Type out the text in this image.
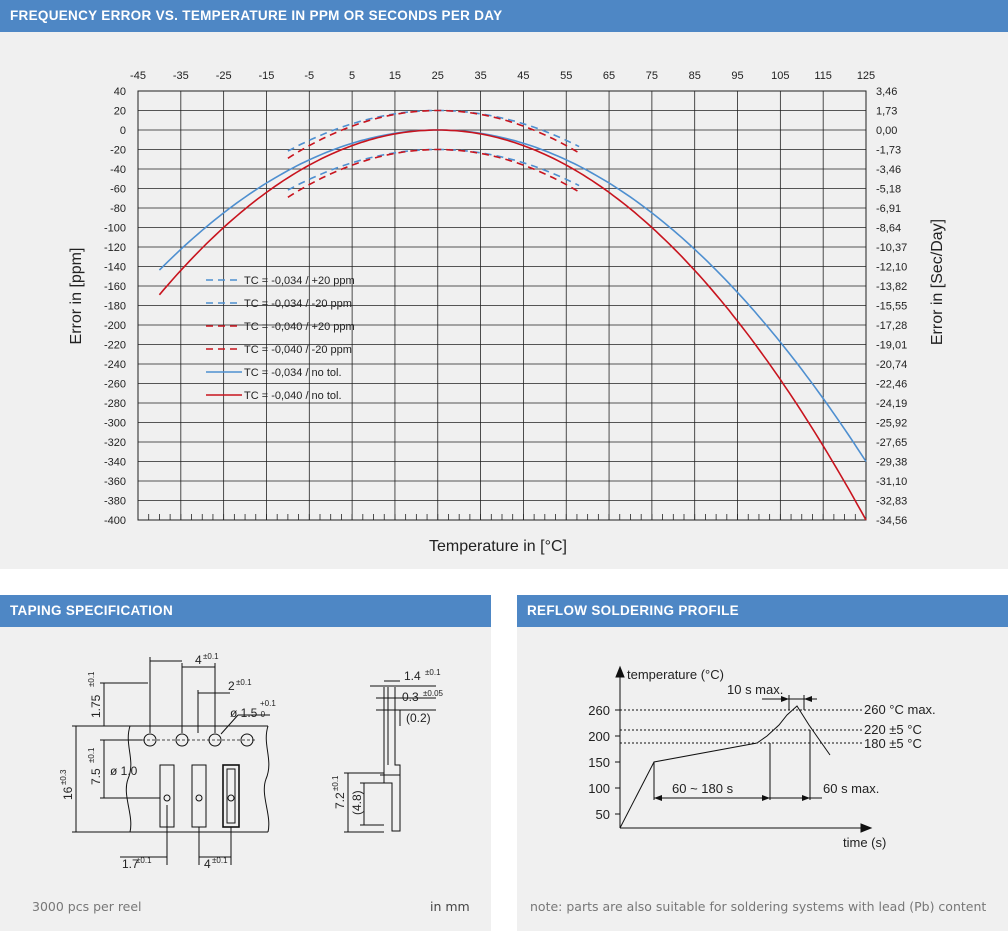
FREQUENCY ERROR VS. TEMPERATURE IN PPM OR SECONDS PER DAY
-45 -35 -25 -15	-5	5	15	25	35	45	55	65	75	85	95	105 115 125
40
20
0
-20
-40
-60
-80
-100
-120
-140
-160
-180
-200
-220
-240
-260
-280
-300
-320
-340
-360
-380
-400
3,46
1,73
0,00
-1,73
-3,46
-5,18
-6,91
-8,64
-10,37
-12,10
-13,82
-15,55
-17,28
-19,01
-20,74
-22,46
-24,19
-25,92
-27,65
-29,38
-31,10
-32,83
-34,56
TC = -0,034 / +20 ppm
TC = -0,034 / -20 ppm
TC = -0,040 / +20 ppm
TC = -0,040 / -20 ppm
TC = -0,034 / no tol.
TC = -0,040 / no tol.
Temperature in [°C]
Error in [ppm]	Error in [Sec/Day]
TAPING SPECIFICATION
4 ±0.1
2 ±0.1
ø 1.5
+0.1
-0
1.75
±0.1
7.5
±0.1
16
±0.3	ø 1.0
1.7
±0.1	4 ±0.1
1.4 ±0.1
0.3 ±0.05
(0.2)
7.2
±0.1
(4.8)
3000 pcs per reel	in mm
REFLOW SOLDERING PROFILE
temperature (°C)
time (s)
260
200
150
100
50
10 s max.
260 °C max.
220 ±5 °C
180 ±5 °C
60 ~ 180 s	60 s max.
note: parts are also suitable for soldering systems with lead (Pb) content
